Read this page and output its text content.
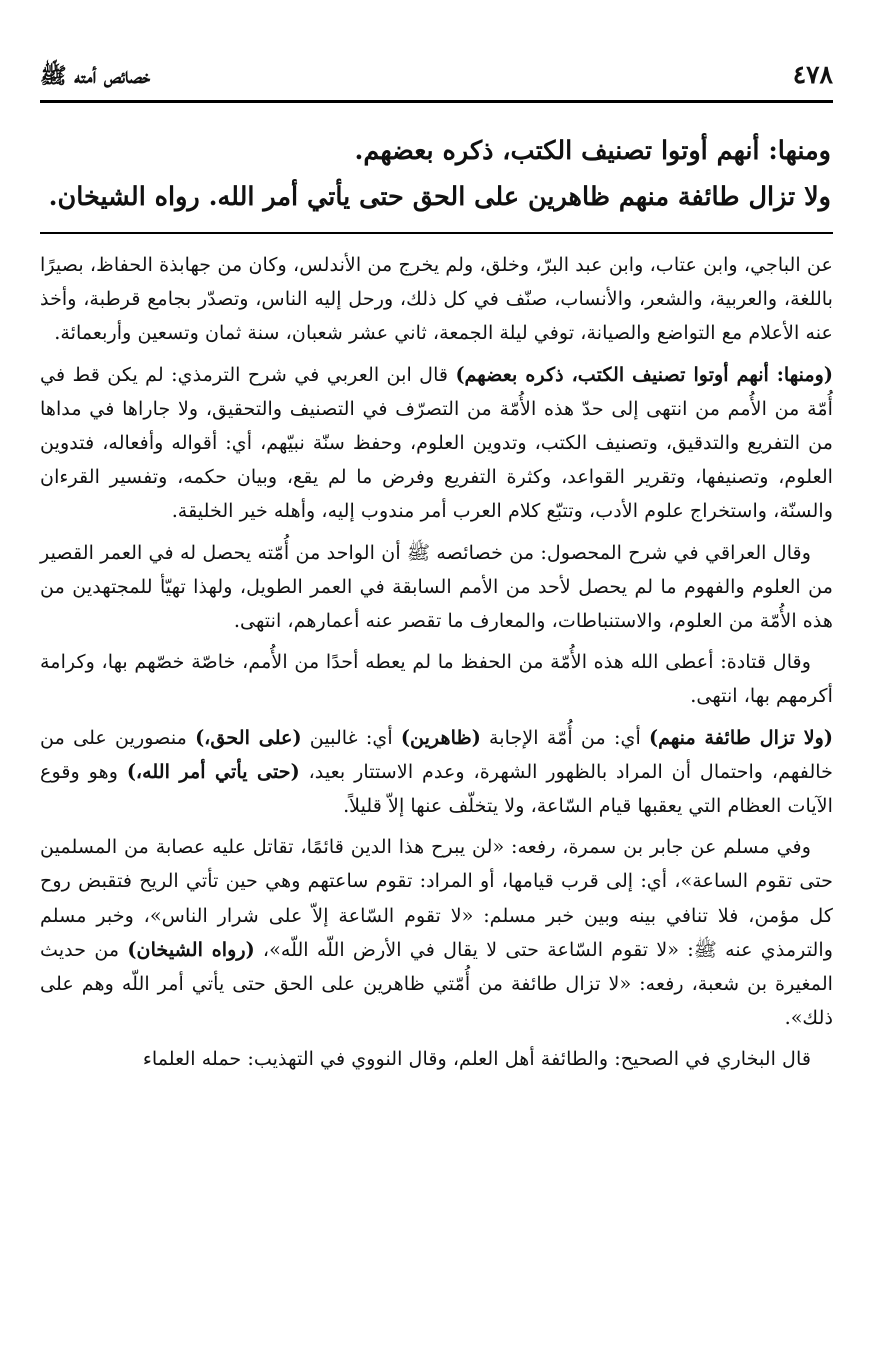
٤٧٨
خصائص أمته ﷺ

ومنها: أنهم أوتوا تصنيف الكتب، ذكره بعضهم.

ولا تزال طائفة منهم ظاهرين على الحق حتى يأتي أمر الله. رواه الشيخان.

عن الباجي، وابن عتاب، وابن عبد البرّ، وخلق، ولم يخرج من الأندلس، وكان من جهابذة الحفاظ، بصيرًا باللغة، والعربية، والشعر، والأنساب، صنّف في كل ذلك، ورحل إليه الناس، وتصدّر بجامع قرطبة، وأخذ عنه الأعلام مع التواضع والصيانة، توفي ليلة الجمعة، ثاني عشر شعبان، سنة ثمان وتسعين وأربعمائة.

(ومنها: أنهم أوتوا تصنيف الكتب، ذكره بعضهم) قال ابن العربي في شرح الترمذي: لم يكن قط في أُمّة من الأُمم من انتهى إلى حدّ هذه الأُمّة من التصرّف في التصنيف والتحقيق، ولا جاراها في مداها من التفريع والتدقيق، وتصنيف الكتب، وتدوين العلوم، وحفظ سنّة نبيّهم، أي: أقواله وأفعاله، فتدوين العلوم، وتصنيفها، وتقرير القواعد، وكثرة التفريع وفرض ما لم يقع، وبيان حكمه، وتفسير القرءان والسنّة، واستخراج علوم الأدب، وتتبّع كلام العرب أمر مندوب إليه، وأهله خير الخليقة.

وقال العراقي في شرح المحصول: من خصائصه ﷺ أن الواحد من أُمّته يحصل له في العمر القصير من العلوم والفهوم ما لم يحصل لأحد من الأمم السابقة في العمر الطويل، ولهذا تهيّأ للمجتهدين من هذه الأُمّة من العلوم، والاستنباطات، والمعارف ما تقصر عنه أعمارهم، انتهى.

وقال قتادة: أعطى الله هذه الأُمّة من الحفظ ما لم يعطه أحدًا من الأُمم، خاصّة خصّهم بها، وكرامة أكرمهم بها، انتهى.

(ولا تزال طائفة منهم) أي: من أُمّة الإجابة (ظاهرين) أي: غالبين (على الحق،) منصورين على من خالفهم، واحتمال أن المراد بالظهور الشهرة، وعدم الاستتار بعيد، (حتى يأتي أمر الله،) وهو وقوع الآيات العظام التي يعقبها قيام السّاعة، ولا يتخلّف عنها إلاّ قليلاً.

وفي مسلم عن جابر بن سمرة، رفعه: «لن يبرح هذا الدين قائمًا، تقاتل عليه عصابة من المسلمين حتى تقوم الساعة»، أي: إلى قرب قيامها، أو المراد: تقوم ساعتهم وهي حين تأتي الريح فتقبض روح كل مؤمن، فلا تنافي بينه وبين خبر مسلم: «لا تقوم السّاعة إلاّ على شرار الناس»، وخبر مسلم والترمذي عنه ﷺ: «لا تقوم السّاعة حتى لا يقال في الأرض اللّه اللّه»، (رواه الشيخان) من حديث المغيرة بن شعبة، رفعه: «لا تزال طائفة من أُمّتي ظاهرين على الحق حتى يأتي أمر اللّه وهم على ذلك».

قال البخاري في الصحيح: والطائفة أهل العلم، وقال النووي في التهذيب: حمله العلماء
